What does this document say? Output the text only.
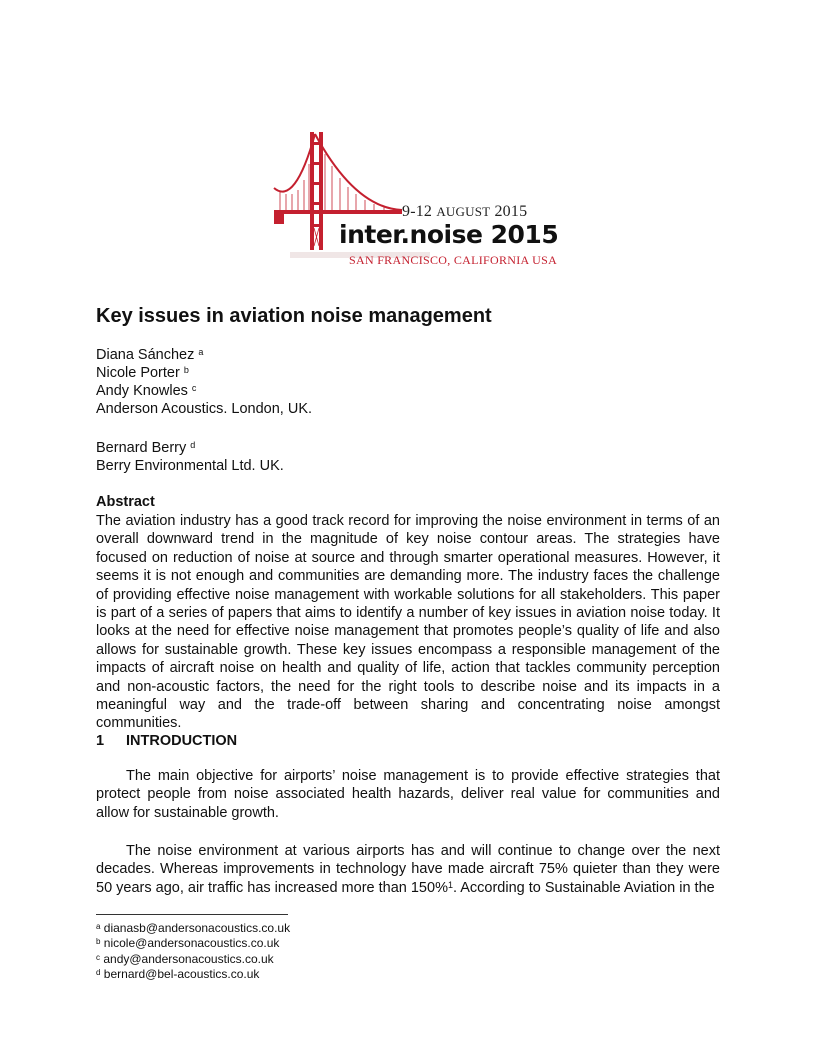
9-12 AUGUST 2015
inter.noise 2015
SAN FRANCISCO, CALIFORNIA USA
Key issues in aviation noise management
Diana Sánchez $^a$
Nicole Porter $^b$
Andy Knowles $^c$
Anderson Acoustics. London, UK.
Bernard Berry $^d$
Berry Environmental Ltd. UK.
Abstract
The aviation industry has a good track record for improving the noise environment in terms of an overall downward trend in the magnitude of key noise contour areas. The strategies have focused on reduction of noise at source and through smarter operational measures. However, it seems it is not enough and communities are demanding more. The industry faces the challenge of providing effective noise management with workable solutions for all stakeholders. This paper is part of a series of papers that aims to identify a number of key issues in aviation noise today. It looks at the need for effective noise management that promotes people’s quality of life and also allows for sustainable growth. These key issues encompass a responsible management of the impacts of aircraft noise on health and quality of life, action that tackles community perception and non-acoustic factors, the need for the right tools to describe noise and its impacts in a meaningful way and the trade-off between sharing and concentrating noise amongst communities.
1 INTRODUCTION
The main objective for airports’ noise management is to provide effective strategies that protect people from noise associated health hazards, deliver real value for communities and allow for sustainable growth.
The noise environment at various airports has and will continue to change over the next decades. Whereas improvements in technology have made aircraft 75% quieter than they were 50 years ago, air traffic has increased more than 150%$^1$. According to Sustainable Aviation in the
$^a$ dianasb@andersonacoustics.co.uk
$^b$ nicole@andersonacoustics.co.uk
$^c$ andy@andersonacoustics.co.uk
$^d$ bernard@bel-acoustics.co.uk
